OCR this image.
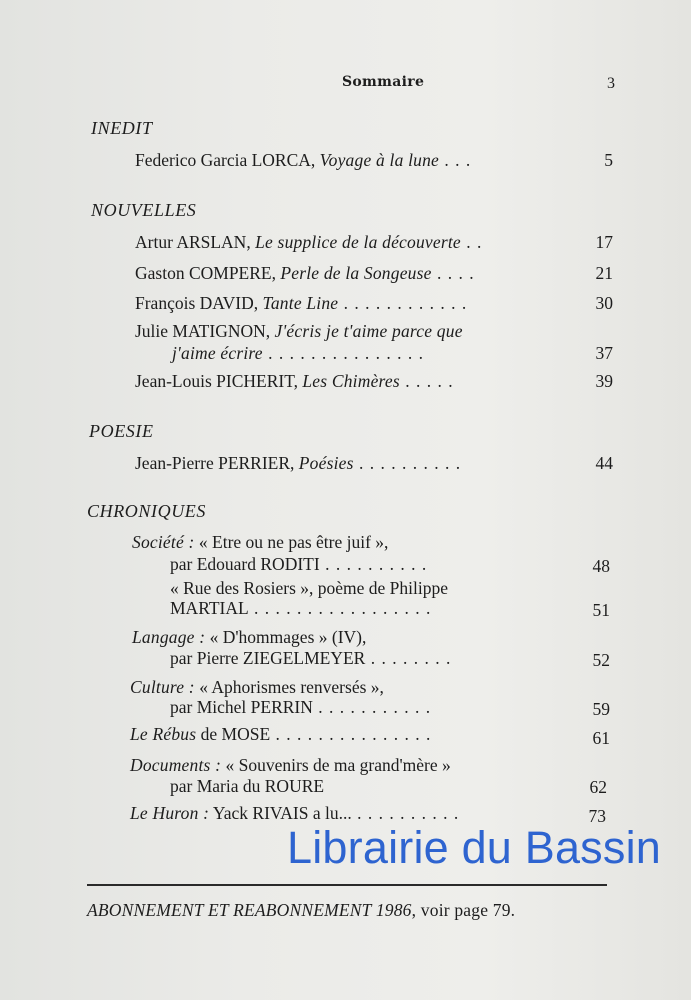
Sommaire	3
INEDIT
Federico Garcia LORCA, Voyage à la lune . . .	5
NOUVELLES
Artur ARSLAN, Le supplice de la découverte . .	17
Gaston COMPERE, Perle de la Songeuse . . . .	21
François DAVID, Tante Line . . . . . . . . . . . .	30
Julie MATIGNON, J'écris je t'aime parce que
j'aime écrire . . . . . . . . . . . . . . .	37
Jean-Louis PICHERIT, Les Chimères . . . . .	39
POESIE
Jean-Pierre PERRIER, Poésies . . . . . . . . . .	44
CHRONIQUES
Société : « Etre ou ne pas être juif »,
par Edouard RODITI . . . . . . . . . .	48
« Rue des Rosiers », poème de Philippe
MARTIAL . . . . . . . . . . . . . . . . .	51
Langage : « D'hommages » (IV),
par Pierre ZIEGELMEYER . . . . . . . .	52
Culture : « Aphorismes renversés »,
par Michel PERRIN . . . . . . . . . . .	59
Le Rébus de MOSE . . . . . . . . . . . . . . .	61
Documents : « Souvenirs de ma grand'mère »
par Maria du ROURE	62
Le Huron : Yack RIVAIS a lu... . . . . . . . . . .	73
Librairie du Bassin
ABONNEMENT ET REABONNEMENT 1986, voir page 79.
